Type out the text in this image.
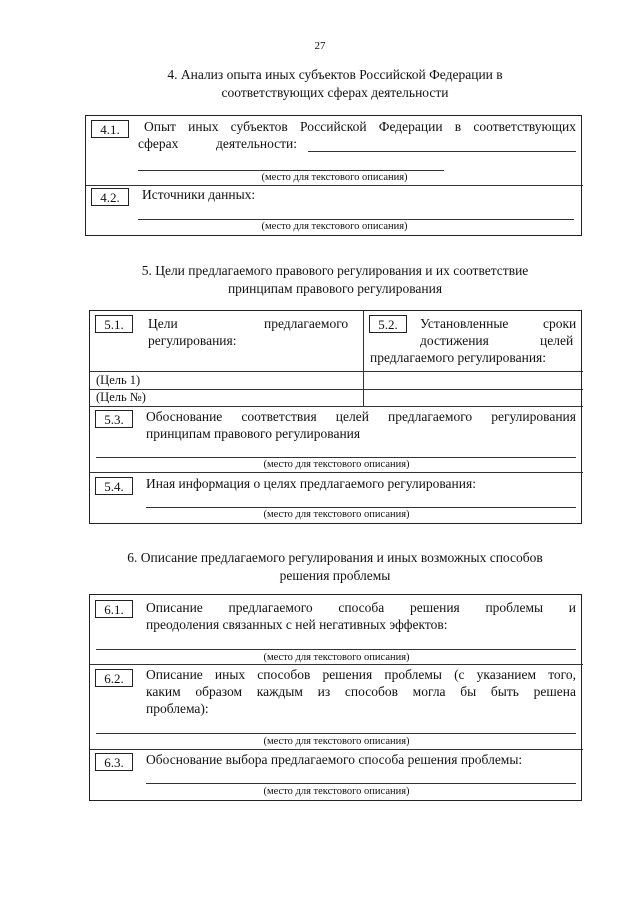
27
4. Анализ опыта иных субъектов Российской Федерации в
соответствующих сферах деятельности
4.1.	Опыт иных субъектов Российской Федерации в соответствующих
сферах	деятельности:
(место для текстового описания)
4.2.	Источники данных:
(место для текстового описания)
5. Цели предлагаемого правового регулирования и их соответствие
принципам правового регулирования
5.1.	Цели	предлагаемого
регулирования:
5.2.	Установленные	сроки
достижения	целей
предлагаемого регулирования:
(Цель 1)
(Цель №)
5.3.	Обоснование соответствия целей предлагаемого регулирования
принципам правового регулирования
(место для текстового описания)
5.4.	Иная информация о целях предлагаемого регулирования:
(место для текстового описания)
6. Описание предлагаемого регулирования и иных возможных способов
решения проблемы
6.1.	Описание предлагаемого способа решения проблемы и
преодоления связанных с ней негативных эффектов:
(место для текстового описания)
6.2.	Описание иных способов решения проблемы (с указанием того,
каким образом каждым из способов могла бы быть решена
проблема):
(место для текстового описания)
6.3.	Обоснование выбора предлагаемого способа решения проблемы:
(место для текстового описания)
